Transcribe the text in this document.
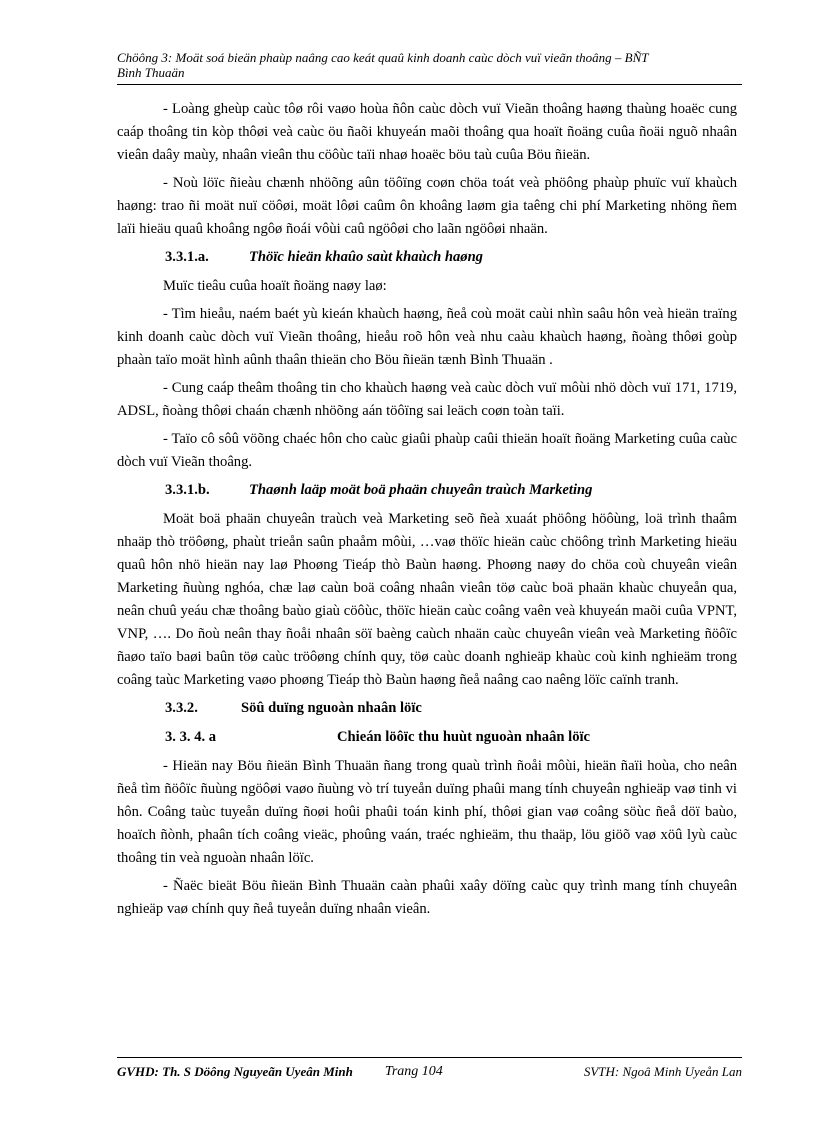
Chöông 3: Moät soá bieän phaùp naâng cao keát quaû kinh doanh caùc dòch vuï vieãn thoâng – BÑT
Bình Thuaän

- Loàng gheùp caùc tôø rôi vaøo hoùa ñôn caùc dòch vuï Vieãn thoâng haøng thaùng hoaëc cung caáp thoâng tin kòp thôøi veà caùc öu ñaõi khuyeán maõi thoâng qua hoaït ñoäng cuûa ñoäi nguõ nhaân vieân daây maùy, nhaân vieân thu cöôùc taïi nhaø hoaëc böu taù cuûa Böu ñieän.

- Noù löïc ñieàu chænh nhöõng aûn töôïng coøn chöa toát veà phöông phaùp phuïc vuï khaùch haøng: trao ñi moät nuï cöôøi, moät lôøi caûm ôn khoâng laøm gia taêng chi phí Marketing nhöng ñem laïi hieäu quaû khoâng ngôø ñoái vôùi caû ngöôøi cho laãn ngöôøi nhaän.

3.3.1.a.	Thöïc hieän khaûo saùt khaùch haøng

Muïc tieâu cuûa hoaït ñoäng naøy laø:

- Tìm hieåu, naém baét yù kieán khaùch haøng, ñeå coù moät caùi nhìn saâu hôn veà hieän traïng kinh doanh caùc dòch vuï Vieãn thoâng, hieåu roõ hôn veà nhu caàu khaùch haøng, ñoàng thôøi goùp phaàn taïo moät hình aûnh thaân thieän cho Böu ñieän tænh Bình Thuaän .

- Cung caáp theâm thoâng tin cho khaùch haøng veà caùc dòch vuï môùi nhö dòch vuï 171, 1719, ADSL, ñoàng thôøi chaán chænh nhöõng aán töôïng sai leäch coøn toàn taïi.

- Taïo cô sôû vöõng chaéc hôn cho caùc giaûi phaùp caûi thieän hoaït ñoäng Marketing cuûa caùc dòch vuï Vieãn thoâng.

3.3.1.b.	Thaønh laäp moät boä phaän chuyeân traùch Marketing

Moät boä phaän chuyeân traùch veà Marketing seõ ñeà xuaát phöông höôùng, loä trình thaâm nhaäp thò tröôøng, phaùt trieån saûn phaåm môùi, …vaø thöïc hieän caùc chöông trình Marketing hieäu quaû hôn nhö hieän nay laø Phoøng Tieáp thò Baùn haøng. Phoøng naøy do chöa coù chuyeân vieân Marketing ñuùng nghóa, chæ laø caùn boä coâng nhaân vieân töø caùc boä phaän khaùc chuyeån qua, neân chuû yeáu chæ thoâng baùo giaù cöôùc, thöïc hieän caùc coâng vaên veà khuyeán maõi cuûa VPNT, VNP, …. Do ñoù neân thay ñoåi nhaân söï baèng caùch nhaän caùc chuyeân vieân veà Marketing ñöôïc ñaøo taïo baøi baûn töø caùc tröôøng chính quy, töø caùc doanh nghieäp khaùc coù kinh nghieäm trong coâng taùc Marketing vaøo phoøng Tieáp thò Baùn haøng ñeå naâng cao naêng löïc caïnh tranh.

3.3.2.	Söû duïng nguoàn nhaân löïc
3. 3. 4. a	Chieán löôïc thu huùt nguoàn nhaân löïc

- Hieän nay Böu ñieän Bình Thuaän ñang trong quaù trình ñoåi môùi, hieän ñaïi hoùa, cho neân ñeå tìm ñöôïc ñuùng ngöôøi vaøo ñuùng vò trí tuyeån duïng phaûi mang tính chuyeân nghieäp vaø tinh vi hôn. Coâng taùc tuyeån duïng ñoøi hoûi phaûi toán kinh phí, thôøi gian vaø coâng söùc ñeå döï baùo, hoaïch ñònh, phaân tích coâng vieäc, phoûng vaán, traéc nghieäm, thu thaäp, löu giöõ vaø xöû lyù caùc thoâng tin veà nguoàn nhaân löïc.

- Ñaëc bieät Böu ñieän Bình Thuaän caàn phaûi xaây döïng caùc quy trình mang tính chuyeân nghieäp vaø chính quy ñeå tuyeån duïng nhaân vieân.

GVHD: Th. S Döông Nguyeãn Uyeân Minh Trang 104	SVTH: Ngoâ Minh Uyeån Lan
